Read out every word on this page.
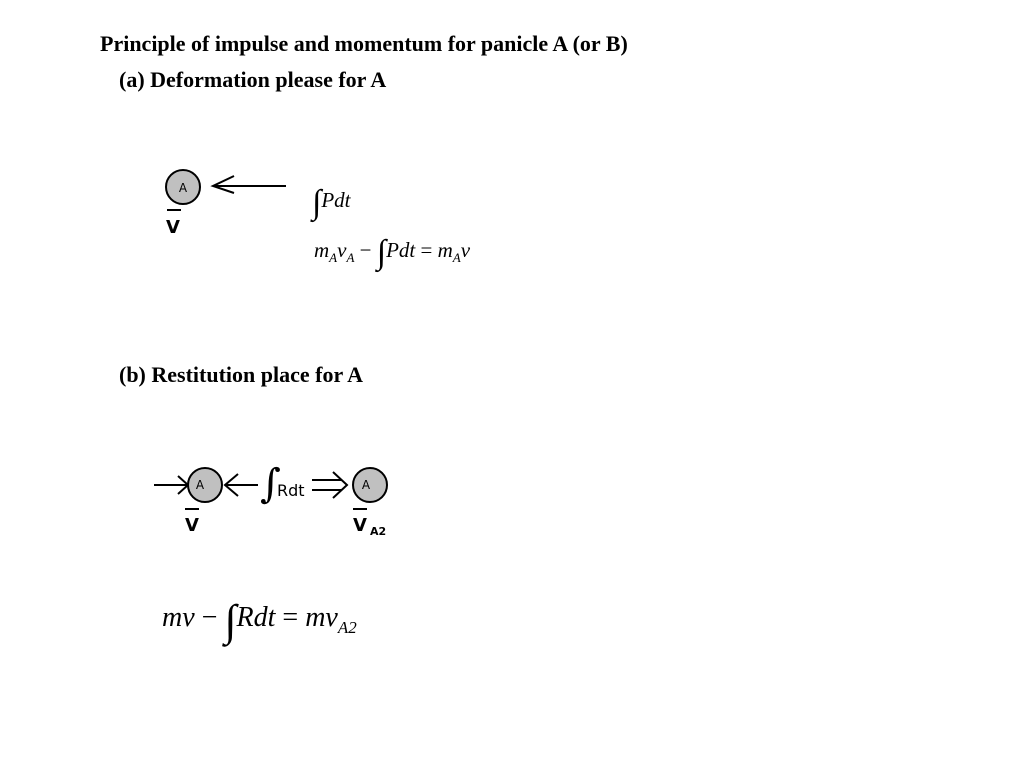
Principle of impulse and momentum for panicle A (or B)
(a) Deformation please for A
A
V
∫Pdt
$m_Av_A - \int Pdt = m_Av$
(b) Restitution place for A
A ∫
Rdt	A
V	V A2
mv − $\int Rdt = mv_{A2}$
